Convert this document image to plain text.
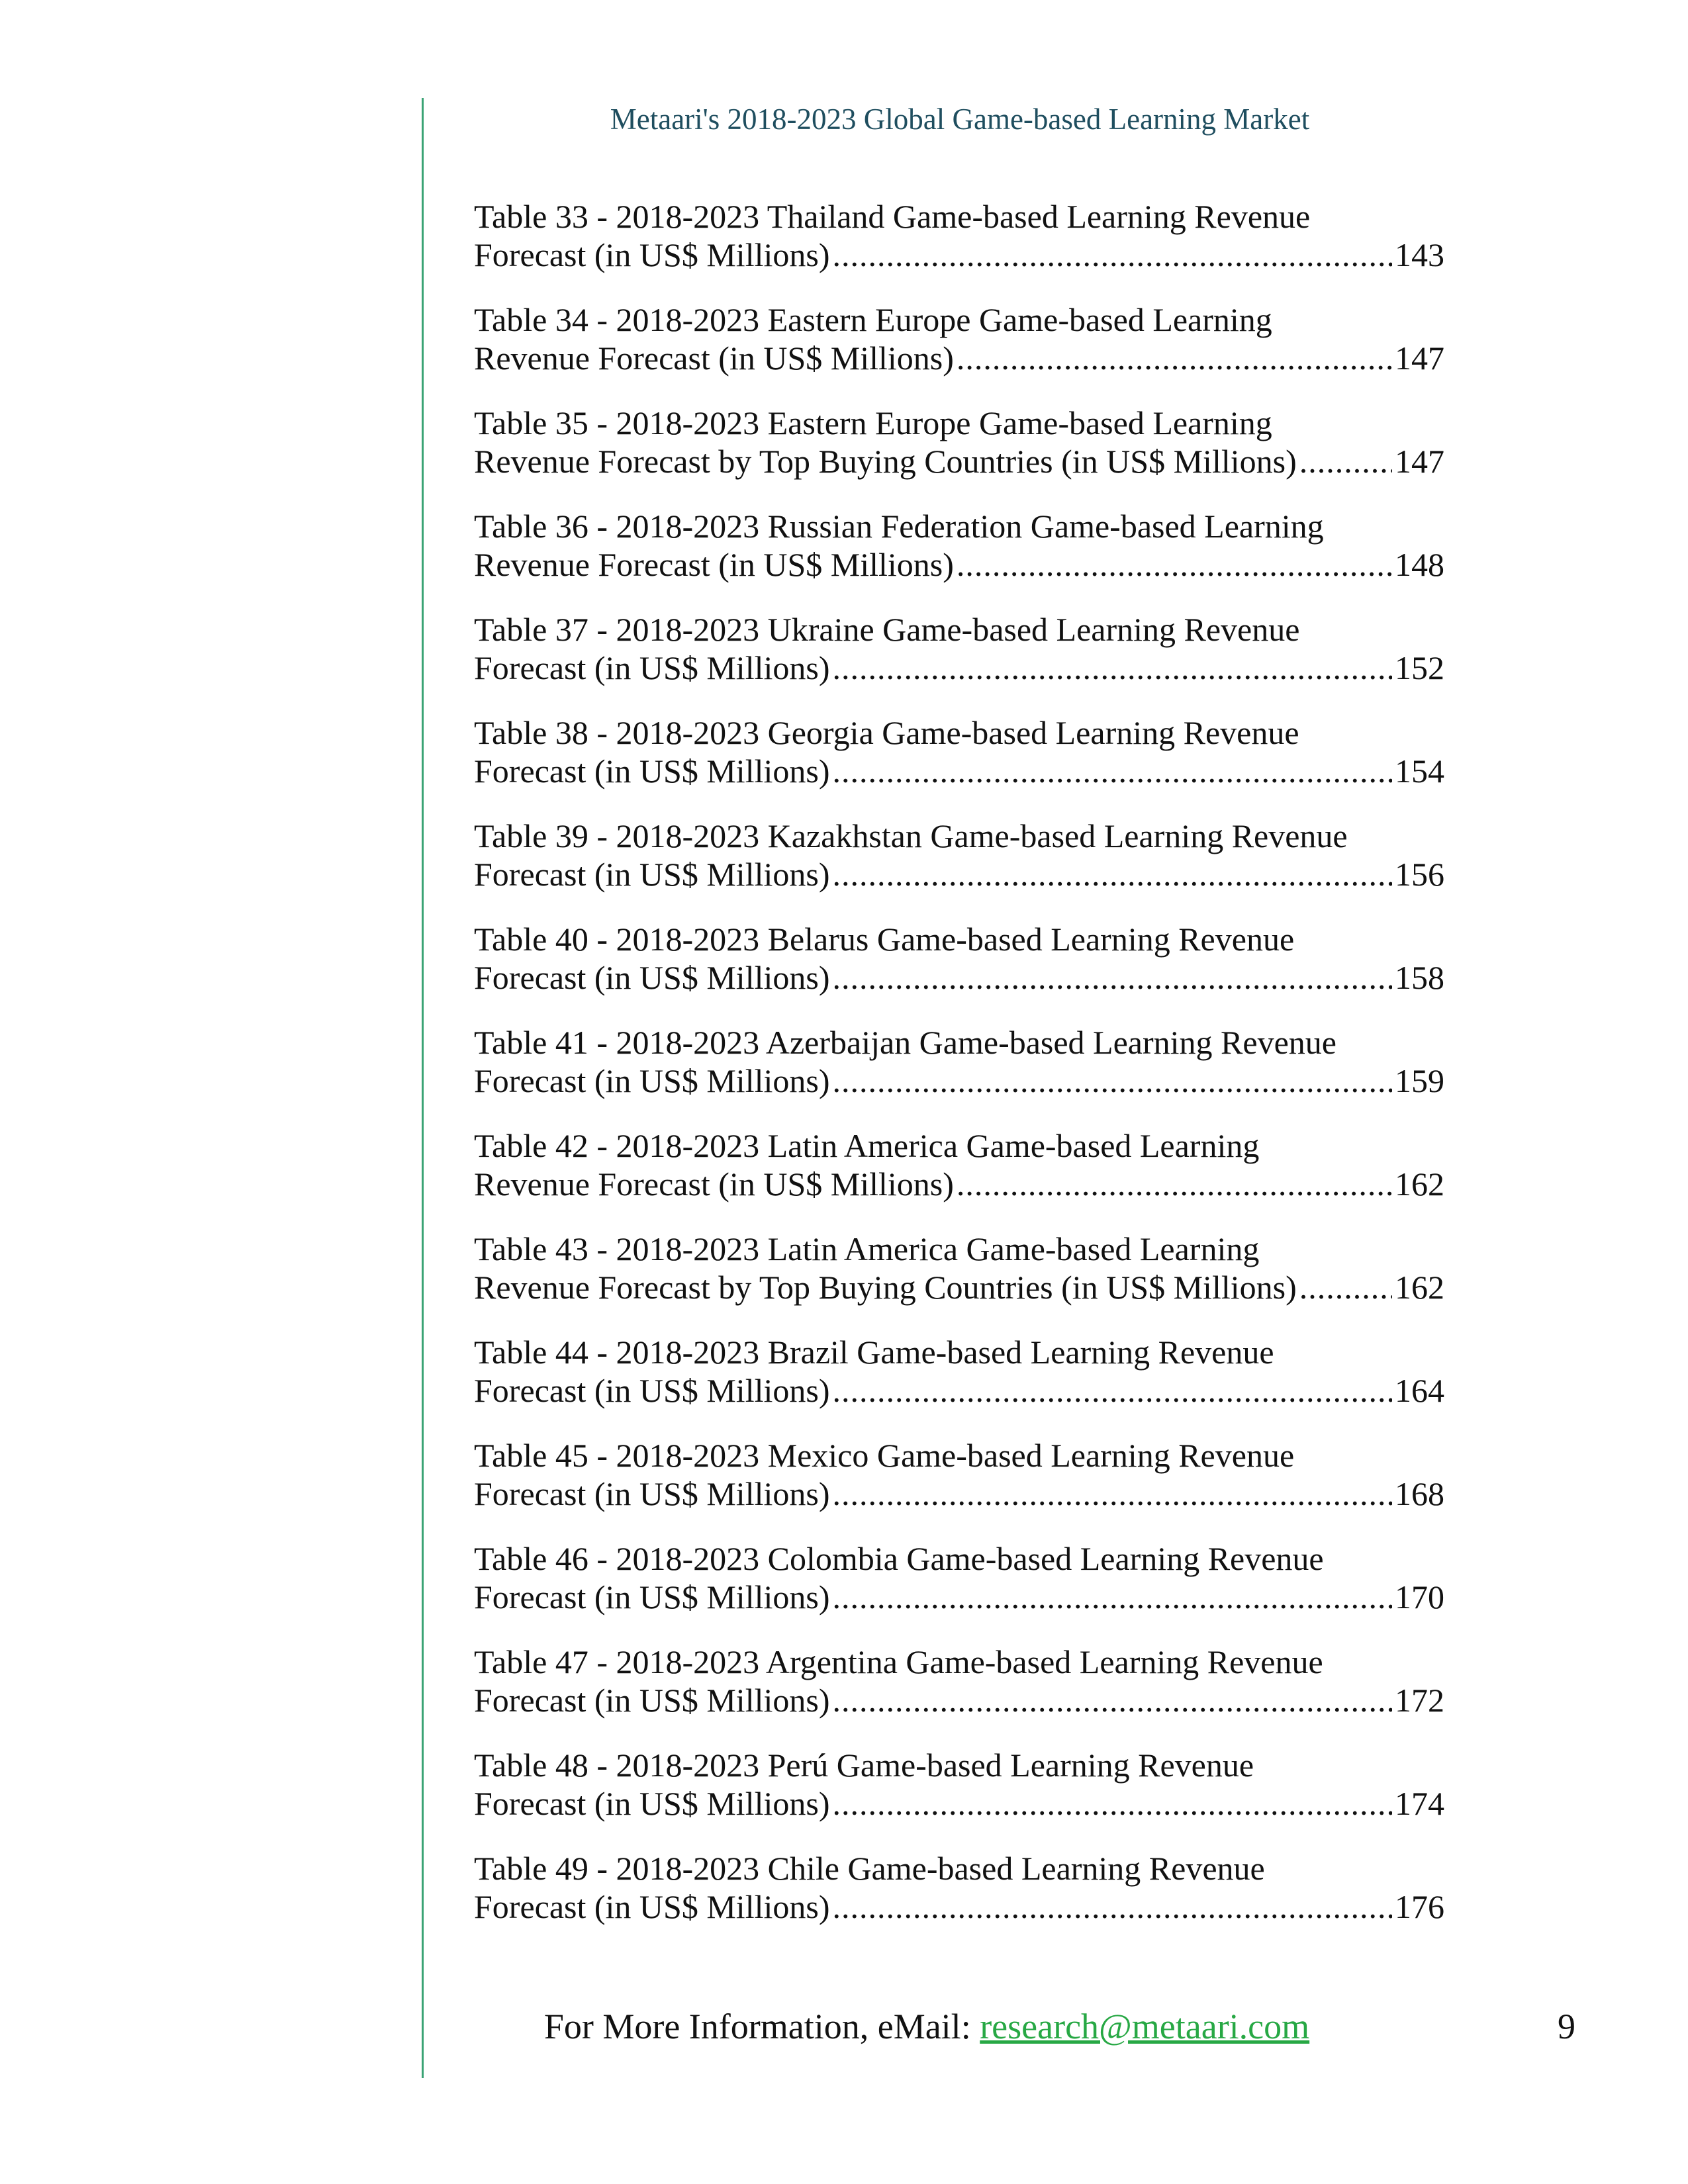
Metaari's 2018-2023 Global Game-based Learning Market
Table 33 - 2018-2023 Thailand Game-based Learning Revenue
Forecast (in US$ Millions) .....	143
Table 34 - 2018-2023 Eastern Europe Game-based Learning
Revenue Forecast (in US$ Millions) .....	147
Table 35 - 2018-2023 Eastern Europe Game-based Learning
Revenue Forecast by Top Buying Countries (in US$ Millions) .....	147
Table 36 - 2018-2023 Russian Federation Game-based Learning
Revenue Forecast (in US$ Millions) .....	148
Table 37 - 2018-2023 Ukraine Game-based Learning Revenue
Forecast (in US$ Millions) .....	152
Table 38 - 2018-2023 Georgia Game-based Learning Revenue
Forecast (in US$ Millions) .....	154
Table 39 - 2018-2023 Kazakhstan Game-based Learning Revenue
Forecast (in US$ Millions) .....	156
Table 40 - 2018-2023 Belarus Game-based Learning Revenue
Forecast (in US$ Millions) .....	158
Table 41 - 2018-2023 Azerbaijan Game-based Learning Revenue
Forecast (in US$ Millions) .....	159
Table 42 - 2018-2023 Latin America Game-based Learning
Revenue Forecast (in US$ Millions) .....	162
Table 43 - 2018-2023 Latin America Game-based Learning
Revenue Forecast by Top Buying Countries (in US$ Millions) .....	162
Table 44 - 2018-2023 Brazil Game-based Learning Revenue
Forecast (in US$ Millions) .....	164
Table 45 - 2018-2023 Mexico Game-based Learning Revenue
Forecast (in US$ Millions) .....	168
Table 46 - 2018-2023 Colombia Game-based Learning Revenue
Forecast (in US$ Millions) .....	170
Table 47 - 2018-2023 Argentina Game-based Learning Revenue
Forecast (in US$ Millions) .....	172
Table 48 - 2018-2023 Perú Game-based Learning Revenue
Forecast (in US$ Millions) .....	174
Table 49 - 2018-2023 Chile Game-based Learning Revenue
Forecast (in US$ Millions) .....	176
For More Information, eMail: research@metaari.com	9
